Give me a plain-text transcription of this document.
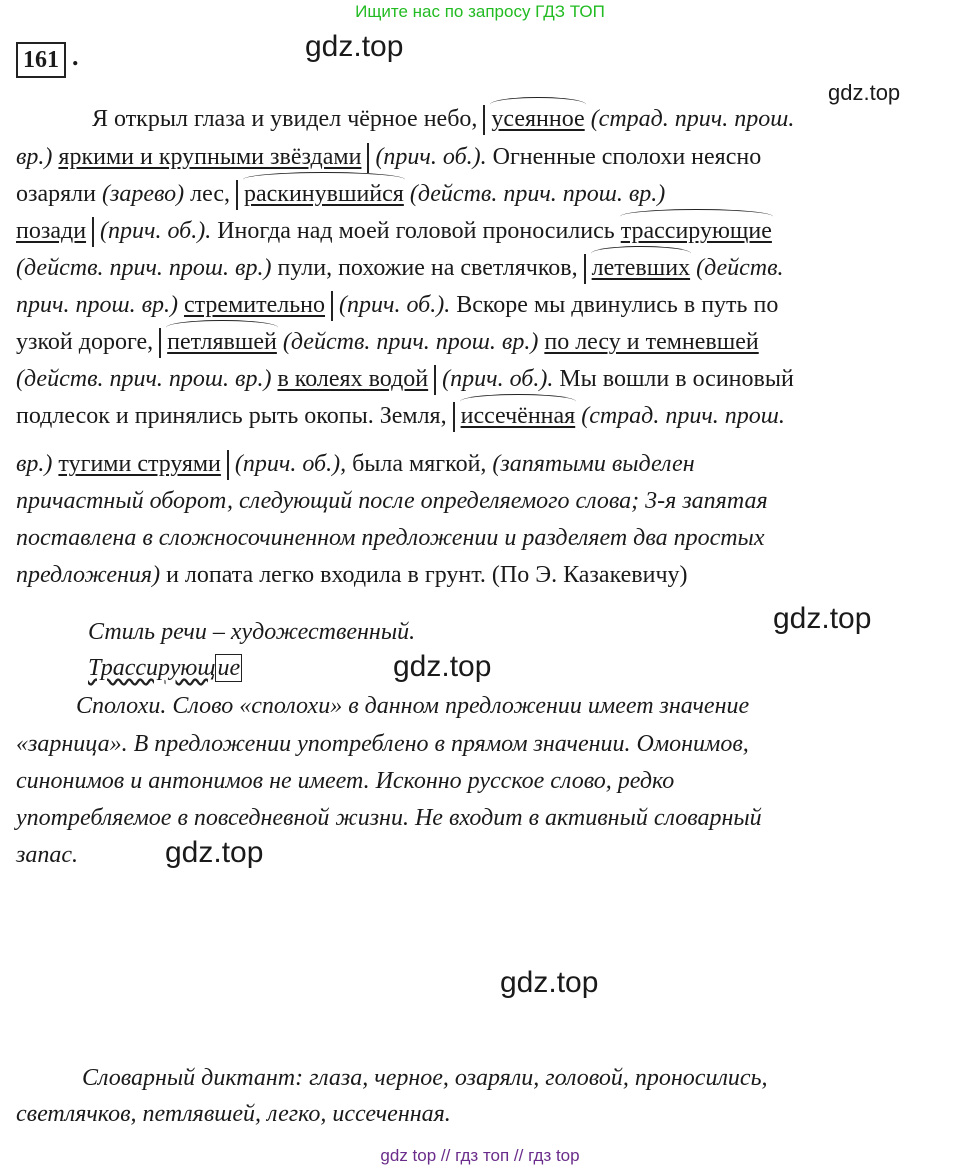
Ищите нас по запросу ГДЗ ТОП
161 .	gdz.top
gdz.top
gdz.top
gdz.top
gdz.top
gdz.top
Я открыл глаза и увидел чёрное небо, усеянное (страд. прич. прош.
вр.) яркими и крупными звёздами (прич. об.). Огненные сполохи неясно
озаряли (зарево) лес, раскинувшийся (действ. прич. прош. вр.)
позади (прич. об.). Иногда над моей головой проносились трассирующие
(действ. прич. прош. вр.) пули, похожие на светлячков, летевших (действ.
прич. прош. вр.) стремительно (прич. об.). Вскоре мы двинулись в путь по
узкой дороге, петлявшей (действ. прич. прош. вр.) по лесу и темневшей
(действ. прич. прош. вр.) в колеях водой (прич. об.). Мы вошли в осиновый
подлесок и принялись рыть окопы. Земля, иссечённая (страд. прич. прош.
вр.) тугими струями (прич. об.), была мягкой, (запятыми выделен
причастный оборот, следующий после определяемого слова; 3-я запятая
поставлена в сложносочиненном предложении и разделяет два простых
предложения) и лопата легко входила в грунт. (По Э. Казакевичу)
Стиль речи – художественный.
Трассирующие
Сполохи. Слово «сполохи» в данном предложении имеет значение
«зарница». В предложении употреблено в прямом значении. Омонимов,
синонимов и антонимов не имеет. Исконно русское слово, редко
употребляемое в повседневной жизни. Не входит в активный словарный
запас.
Словарный диктант: глаза, черное, озаряли, головой, проносились,
светлячков, петлявшей, легко, иссеченная.
gdz top // гдз топ // гдз top
